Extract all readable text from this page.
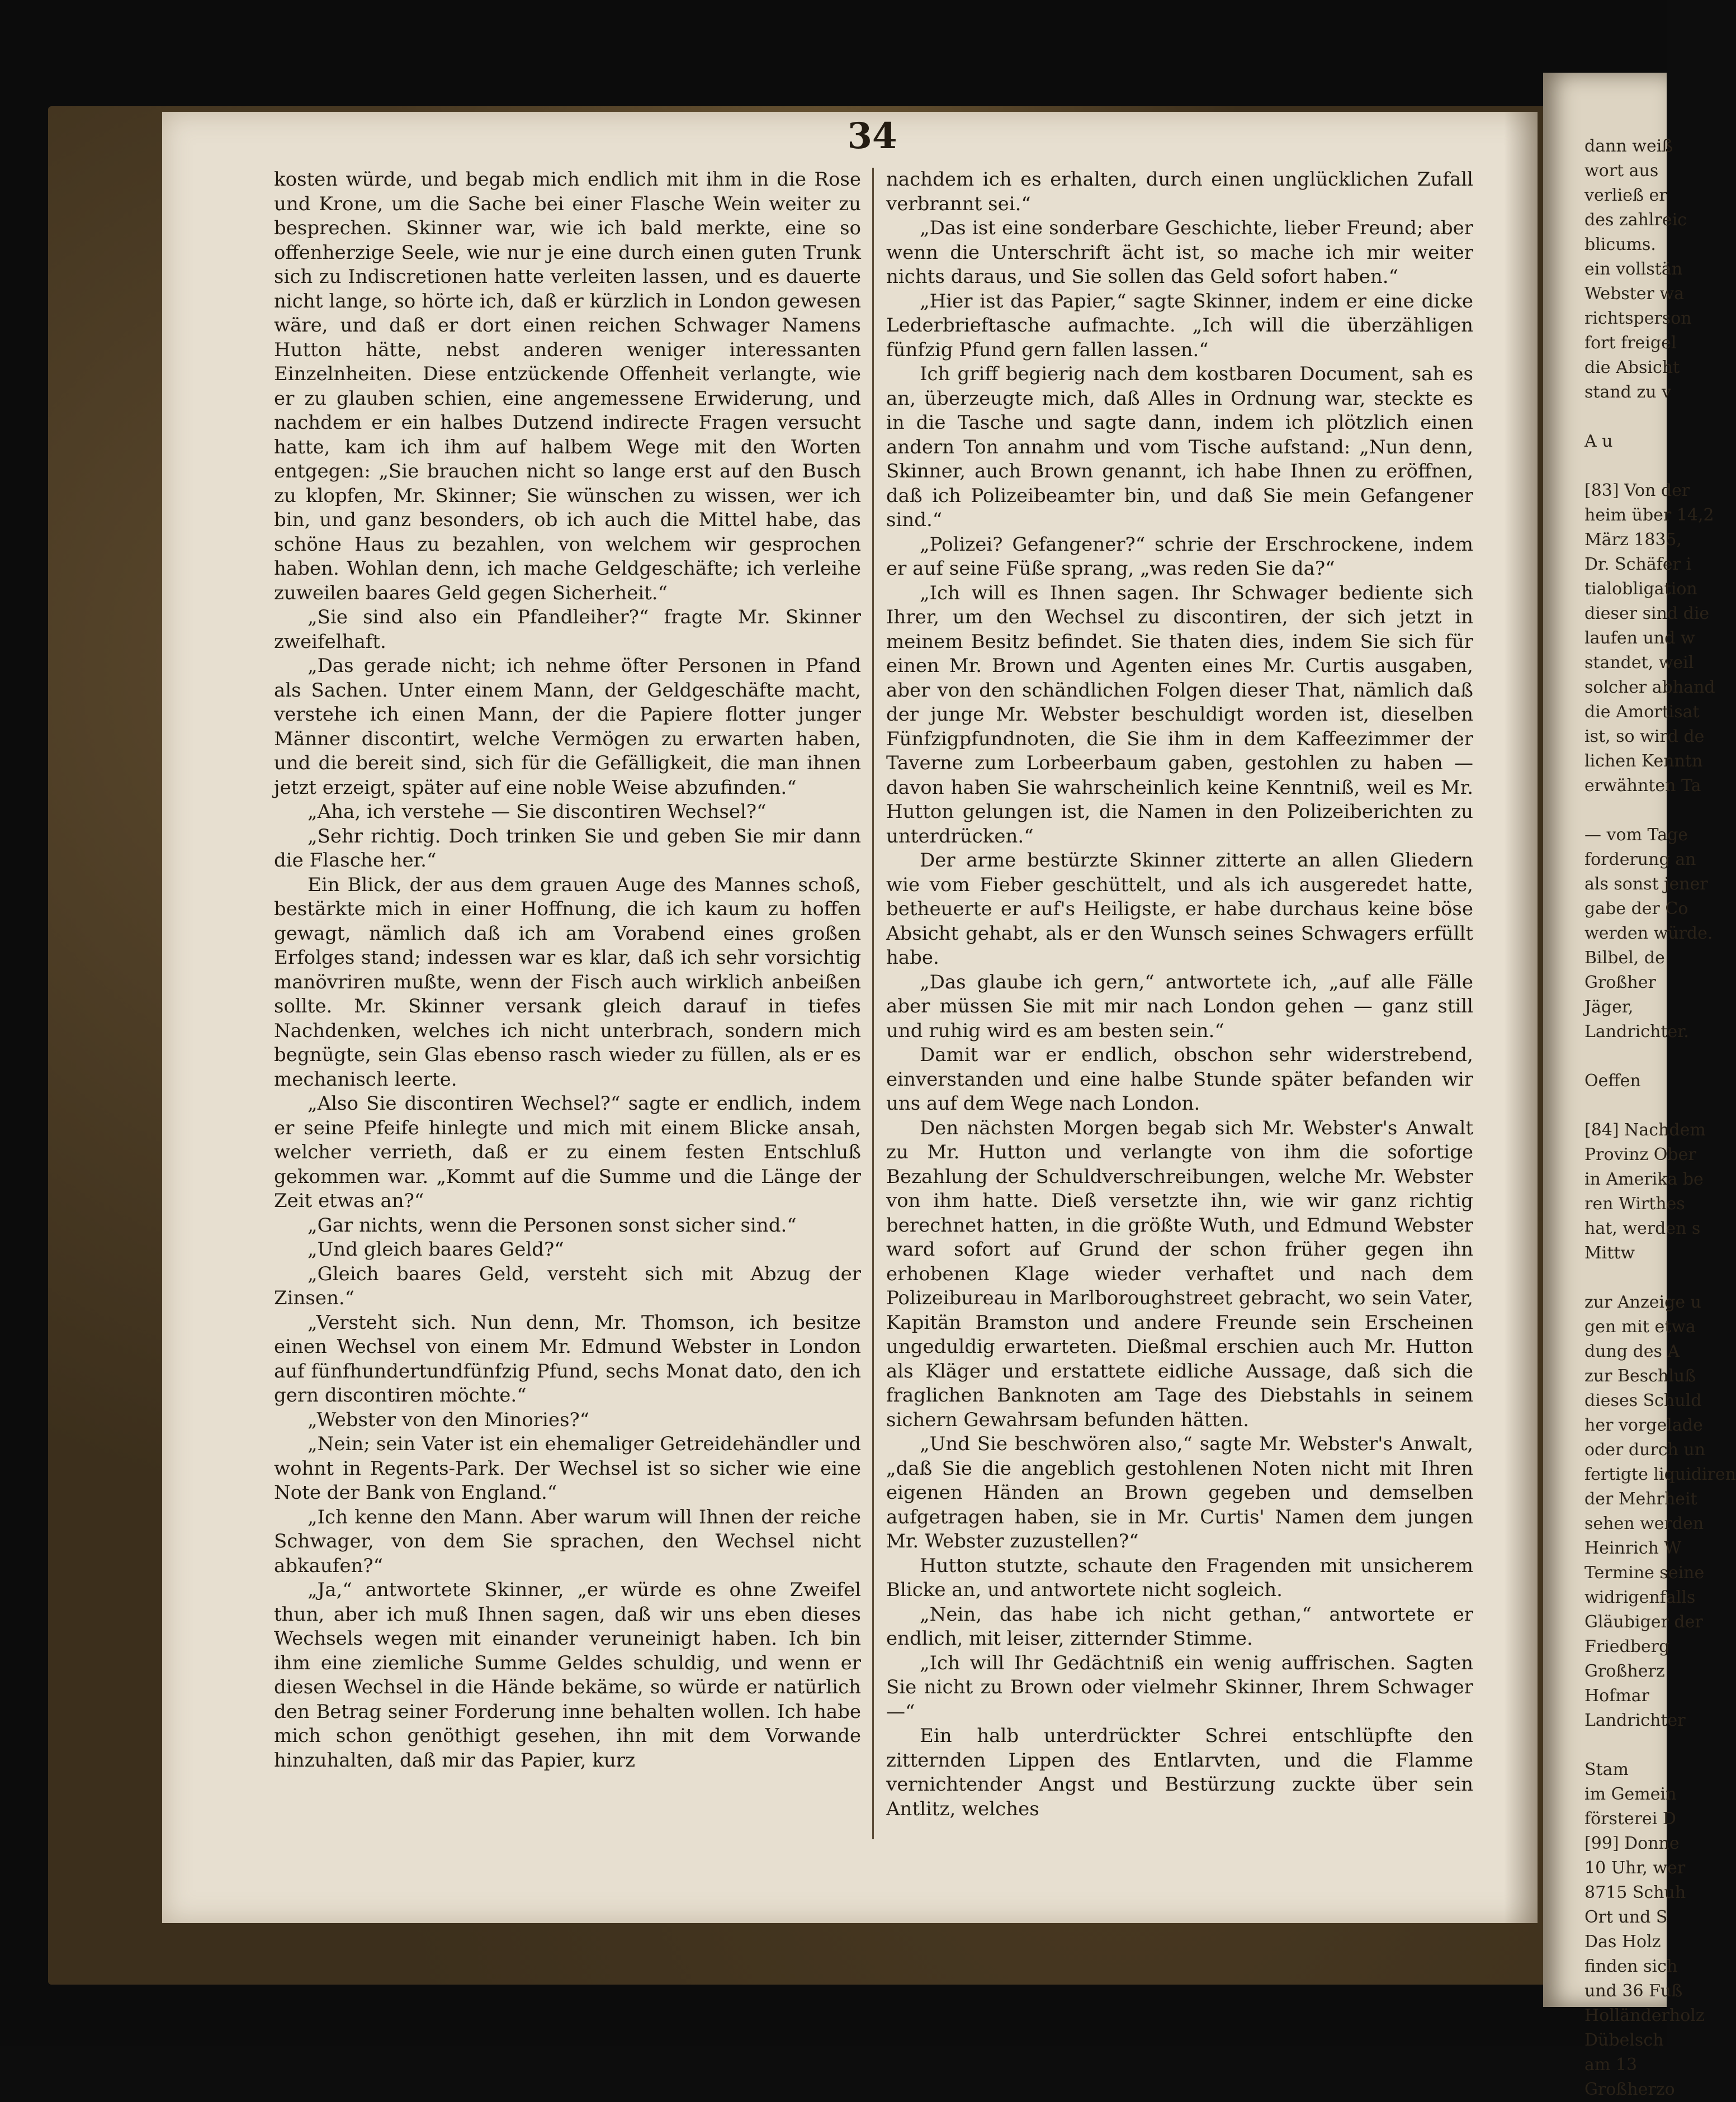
dann weiß
wort aus
verließ er
des zahlreic
blicums.
ein vollstän
Webster wa
richtsperson
fort freigel
die Absicht
stand zu v
A u
[83] Von der
heim über 14,2
März 1835,
Dr. Schäfer i
tialobligation
dieser sind die
laufen und w
standet, weil
solcher abhand
die Amortisat
ist, so wird de
lichen Kenntn
erwähnten Ta
— vom Tage
forderung an
als sonst jener
gabe der Co
werden würde.
Bilbel, de
Großher
Jäger,
Landrichter.
Oeffen
[84] Nachdem
Provinz Ober
in Amerika be
ren Wirthes
hat, werden s
Mittw
zur Anzeige u
gen mit etwa
dung des A
zur Beschluß
dieses Schuld
her vorgelade
oder durch un
fertigte liquidiren
der Mehrheit
sehen werden
Heinrich W
Termine seine
widrigenfalls
Gläubiger der
Friedberg
Großherz
Hofmar
Landrichter
Stam
im Gemein
försterei D
[99] Donne
10 Uhr, wer
8715 Schuh
Ort und S
Das Holz
finden sich
und 36 Fuß
Holländerholz
Dübelsch
am 13
Großherzo
34

kosten würde, und begab mich endlich mit ihm in die Rose und Krone, um die Sache bei einer Flasche Wein weiter zu besprechen. Skinner war, wie ich bald merkte, eine so offenherzige Seele, wie nur je eine durch einen guten Trunk sich zu Indiscretionen hatte verleiten lassen, und es dauerte nicht lange, so hörte ich, daß er kürzlich in London gewesen wäre, und daß er dort einen reichen Schwager Namens Hutton hätte, nebst anderen weniger interessanten Einzelnheiten. Diese entzückende Offenheit verlangte, wie er zu glauben schien, eine angemessene Erwiderung, und nachdem er ein halbes Dutzend indirecte Fragen versucht hatte, kam ich ihm auf halbem Wege mit den Worten entgegen: „Sie brauchen nicht so lange erst auf den Busch zu klopfen, Mr. Skinner; Sie wünschen zu wissen, wer ich bin, und ganz besonders, ob ich auch die Mittel habe, das schöne Haus zu bezahlen, von welchem wir gesprochen haben. Wohlan denn, ich mache Geldgeschäfte; ich verleihe zuweilen baares Geld gegen Sicherheit.“

„Sie sind also ein Pfandleiher?“ fragte Mr. Skinner zweifelhaft.

„Das gerade nicht; ich nehme öfter Personen in Pfand als Sachen. Unter einem Mann, der Geldgeschäfte macht, verstehe ich einen Mann, der die Papiere flotter junger Männer discontirt, welche Vermögen zu erwarten haben, und die bereit sind, sich für die Gefälligkeit, die man ihnen jetzt erzeigt, später auf eine noble Weise abzufinden.“

„Aha, ich verstehe — Sie discontiren Wechsel?“

„Sehr richtig. Doch trinken Sie und geben Sie mir dann die Flasche her.“

Ein Blick, der aus dem grauen Auge des Mannes schoß, bestärkte mich in einer Hoffnung, die ich kaum zu hoffen gewagt, nämlich daß ich am Vorabend eines großen Erfolges stand; indessen war es klar, daß ich sehr vorsichtig manövriren mußte, wenn der Fisch auch wirklich anbeißen sollte. Mr. Skinner versank gleich darauf in tiefes Nachdenken, welches ich nicht unterbrach, sondern mich begnügte, sein Glas ebenso rasch wieder zu füllen, als er es mechanisch leerte.

„Also Sie discontiren Wechsel?“ sagte er endlich, indem er seine Pfeife hinlegte und mich mit einem Blicke ansah, welcher verrieth, daß er zu einem festen Entschluß gekommen war. „Kommt auf die Summe und die Länge der Zeit etwas an?“

„Gar nichts, wenn die Personen sonst sicher sind.“

„Und gleich baares Geld?“

„Gleich baares Geld, versteht sich mit Abzug der Zinsen.“

„Versteht sich. Nun denn, Mr. Thomson, ich besitze einen Wechsel von einem Mr. Edmund Webster in London auf fünfhundertundfünfzig Pfund, sechs Monat dato, den ich gern discontiren möchte.“

„Webster von den Minories?“

„Nein; sein Vater ist ein ehemaliger Getreidehändler und wohnt in Regents-Park. Der Wechsel ist so sicher wie eine Note der Bank von England.“

„Ich kenne den Mann. Aber warum will Ihnen der reiche Schwager, von dem Sie sprachen, den Wechsel nicht abkaufen?“

„Ja,“ antwortete Skinner, „er würde es ohne Zweifel thun, aber ich muß Ihnen sagen, daß wir uns eben dieses Wechsels wegen mit einander veruneinigt haben. Ich bin ihm eine ziemliche Summe Geldes schuldig, und wenn er diesen Wechsel in die Hände bekäme, so würde er natürlich den Betrag seiner Forderung inne behalten wollen. Ich habe mich schon genöthigt gesehen, ihn mit dem Vorwande hinzuhalten, daß mir das Papier, kurz

nachdem ich es erhalten, durch einen unglücklichen Zufall verbrannt sei.“

„Das ist eine sonderbare Geschichte, lieber Freund; aber wenn die Unterschrift ächt ist, so mache ich mir weiter nichts daraus, und Sie sollen das Geld sofort haben.“

„Hier ist das Papier,“ sagte Skinner, indem er eine dicke Lederbrieftasche aufmachte. „Ich will die überzähligen fünfzig Pfund gern fallen lassen.“

Ich griff begierig nach dem kostbaren Document, sah es an, überzeugte mich, daß Alles in Ordnung war, steckte es in die Tasche und sagte dann, indem ich plötzlich einen andern Ton annahm und vom Tische aufstand: „Nun denn, Skinner, auch Brown genannt, ich habe Ihnen zu eröffnen, daß ich Polizeibeamter bin, und daß Sie mein Gefangener sind.“

„Polizei? Gefangener?“ schrie der Erschrockene, indem er auf seine Füße sprang, „was reden Sie da?“

„Ich will es Ihnen sagen. Ihr Schwager bediente sich Ihrer, um den Wechsel zu discontiren, der sich jetzt in meinem Besitz befindet. Sie thaten dies, indem Sie sich für einen Mr. Brown und Agenten eines Mr. Curtis ausgaben, aber von den schändlichen Folgen dieser That, nämlich daß der junge Mr. Webster beschuldigt worden ist, dieselben Fünfzigpfundnoten, die Sie ihm in dem Kaffeezimmer der Taverne zum Lorbeerbaum gaben, gestohlen zu haben — davon haben Sie wahrscheinlich keine Kenntniß, weil es Mr. Hutton gelungen ist, die Namen in den Polizeiberichten zu unterdrücken.“

Der arme bestürzte Skinner zitterte an allen Gliedern wie vom Fieber geschüttelt, und als ich ausgeredet hatte, betheuerte er auf's Heiligste, er habe durchaus keine böse Absicht gehabt, als er den Wunsch seines Schwagers erfüllt habe.

„Das glaube ich gern,“ antwortete ich, „auf alle Fälle aber müssen Sie mit mir nach London gehen — ganz still und ruhig wird es am besten sein.“

Damit war er endlich, obschon sehr widerstrebend, einverstanden und eine halbe Stunde später befanden wir uns auf dem Wege nach London.

Den nächsten Morgen begab sich Mr. Webster's Anwalt zu Mr. Hutton und verlangte von ihm die sofortige Bezahlung der Schuldverschreibungen, welche Mr. Webster von ihm hatte. Dieß versetzte ihn, wie wir ganz richtig berechnet hatten, in die größte Wuth, und Edmund Webster ward sofort auf Grund der schon früher gegen ihn erhobenen Klage wieder verhaftet und nach dem Polizeibureau in Marlboroughstreet gebracht, wo sein Vater, Kapitän Bramston und andere Freunde sein Erscheinen ungeduldig erwarteten. Dießmal erschien auch Mr. Hutton als Kläger und erstattete eidliche Aussage, daß sich die fraglichen Banknoten am Tage des Diebstahls in seinem sichern Gewahrsam befunden hätten.

„Und Sie beschwören also,“ sagte Mr. Webster's Anwalt, „daß Sie die angeblich gestohlenen Noten nicht mit Ihren eigenen Händen an Brown gegeben und demselben aufgetragen haben, sie in Mr. Curtis' Namen dem jungen Mr. Webster zuzustellen?“

Hutton stutzte, schaute den Fragenden mit unsicherem Blicke an, und antwortete nicht sogleich.

„Nein, das habe ich nicht gethan,“ antwortete er endlich, mit leiser, zitternder Stimme.

„Ich will Ihr Gedächtniß ein wenig auffrischen. Sagten Sie nicht zu Brown oder vielmehr Skinner, Ihrem Schwager —“

Ein halb unterdrückter Schrei entschlüpfte den zitternden Lippen des Entlarvten, und die Flamme vernichtender Angst und Bestürzung zuckte über sein Antlitz, welches
